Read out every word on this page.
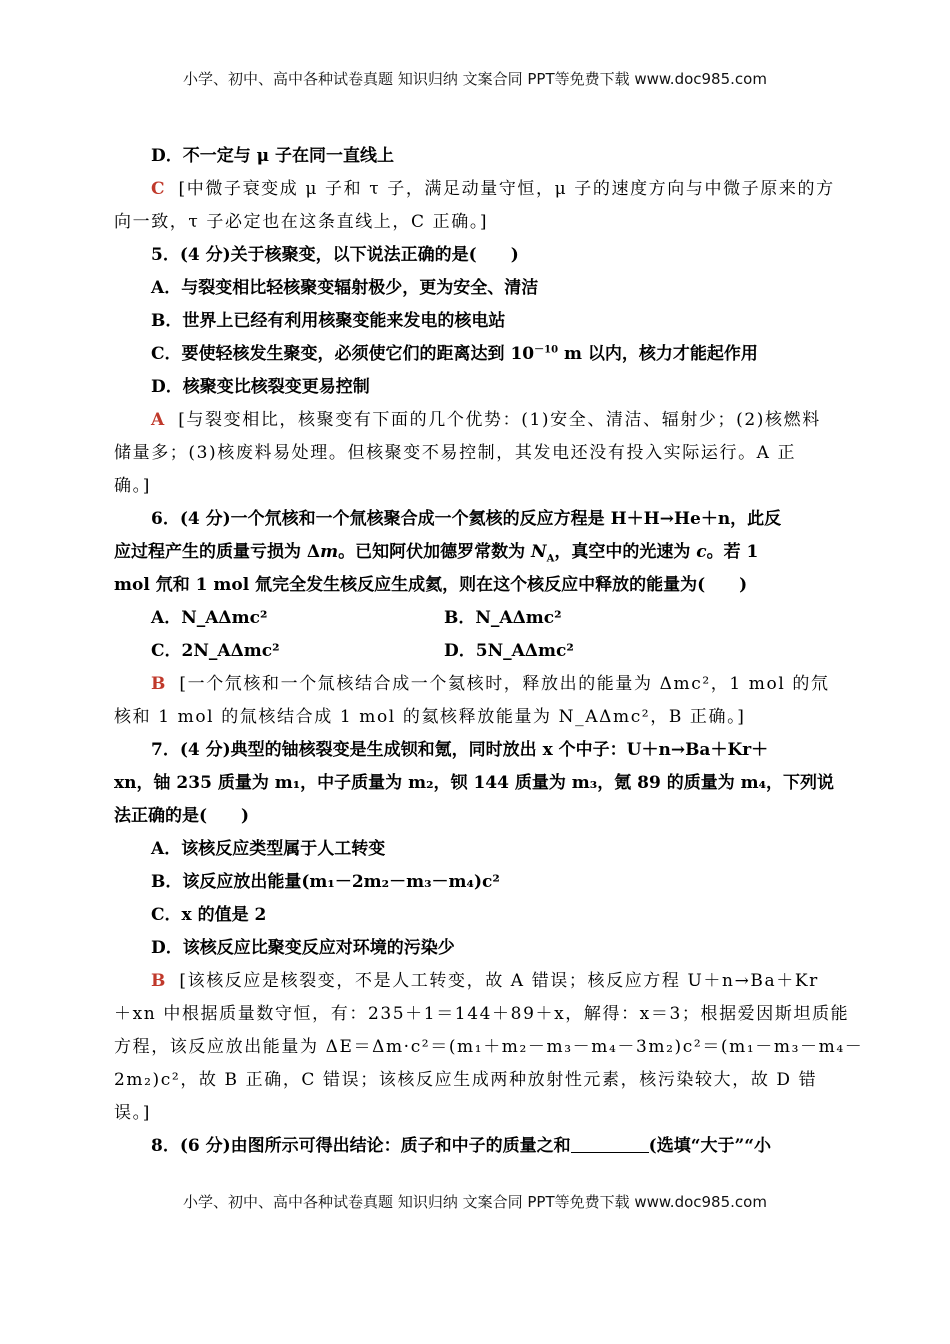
小学、初中、高中各种试卷真题 知识归纳 文案合同 PPT等免费下载 www.doc985.com
D．不一定与 μ 子在同一直线上
C [中微子衰变成 μ 子和 τ 子，满足动量守恒，μ 子的速度方向与中微子原来的方
向一致，τ 子必定也在这条直线上，C 正确。]
5．(4 分)关于核聚变，以下说法正确的是(　　)
A．与裂变相比轻核聚变辐射极少，更为安全、清洁
B．世界上已经有利用核聚变能来发电的核电站
C．要使轻核发生聚变，必须使它们的距离达到 $10^{-10}$ m 以内，核力才能起作用
D．核聚变比核裂变更易控制
A [与裂变相比，核聚变有下面的几个优势：(1)安全、清洁、辐射少；(2)核燃料
储量多；(3)核废料易处理。但核聚变不易控制，其发电还没有投入实际运行。A 正
确。]
6．(4 分)一个氘核和一个氚核聚合成一个氦核的反应方程是 H＋H→He＋n，此反
应过程产生的质量亏损为 Δm。已知阿伏加德罗常数为 $N_A$，真空中的光速为 c。若 1
mol 氘和 1 mol 氚完全发生核反应生成氦，则在这个核反应中释放的能量为(　　)
A．N_AΔmc²	B．N_AΔmc²
C．2N_AΔmc²	D．5N_AΔmc²
B [一个氘核和一个氚核结合成一个氦核时，释放出的能量为 Δmc²，1 mol 的氘
核和 1 mol 的氚核结合成 1 mol 的氦核释放能量为 N_AΔmc²，B 正确。]
7．(4 分)典型的铀核裂变是生成钡和氪，同时放出 x 个中子：U＋n→Ba＋Kr＋
xn，铀 235 质量为 m₁，中子质量为 m₂，钡 144 质量为 m₃，氪 89 的质量为 m₄，下列说
法正确的是(　　)
A．该核反应类型属于人工转变
B．该反应放出能量(m₁－2m₂－m₃－m₄)c²
C．x 的值是 2
D．该核反应比聚变反应对环境的污染少
B [该核反应是核裂变，不是人工转变，故 A 错误；核反应方程 U＋n→Ba＋Kr
＋xn 中根据质量数守恒，有：235＋1＝144＋89＋x，解得：x＝3；根据爱因斯坦质能
方程，该反应放出能量为 ΔE＝Δm·c²＝(m₁＋m₂－m₃－m₄－3m₂)c²＝(m₁－m₃－m₄－
2m₂)c²，故 B 正确，C 错误；该核反应生成两种放射性元素，核污染较大，故 D 错
误。]
8．(6 分)由图所示可得出结论：质子和中子的质量之和	(选填“大于”“小
小学、初中、高中各种试卷真题 知识归纳 文案合同 PPT等免费下载 www.doc985.com
